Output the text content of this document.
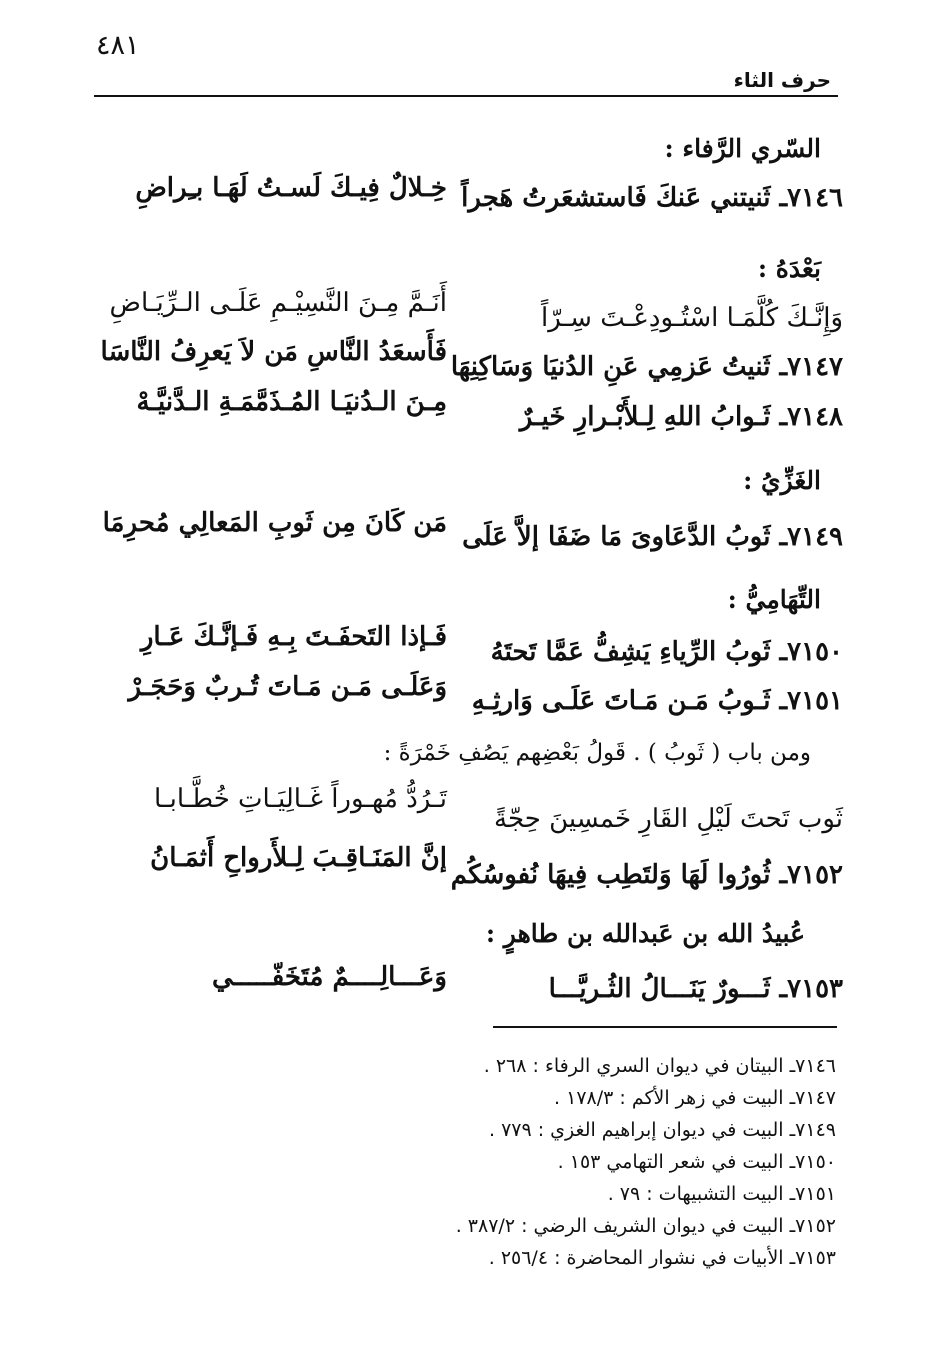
٤٨١
حرف الثاء
السّري الرَّفاء :
٧١٤٦ـ ثَنيتني عَنكَ فَاستشعَرتُ هَجراً
خِـلالٌ فِيـكَ لَسـتُ لَهَـا بـِراضِ
بَعْدَهُ :
وَإِنَّـكَ كُلَّمَـا اسْتُـودِعْـتَ سِـرّاً
أَنَـمَّ مِـنَ النَّسِيْـمِ عَلَـى الـرِّيَـاضِ
٧١٤٧ـ ثَنيتُ عَزمِي عَنِ الدُنيَا وَسَاكِنِهَا
فَأَسعَدُ النَّاسِ مَن لاَ يَعرِفُ النَّاسَا
٧١٤٨ـ ثَـوابُ اللهِ لِـلأَبْـرارِ خَيـرٌ
مِـنَ الـدُنيَـا المُـذَمَّمَـةِ الـدَّنيَّـهْ
الغَزِّيُ :
٧١٤٩ـ ثَوبُ الدَّعَاوىَ مَا ضَفَا إلاَّ عَلَى
مَن كَانَ مِن ثَوبِ المَعالِي مُحرِمَا
التِّهَامِيُّ :
٧١٥٠ـ ثَوبُ الرِّياءِ يَشِفُّ عَمَّا تَحتَهُ
فَـإذا التَحفَـتَ بِـهِ فَـإنَّـكَ عَـارِ
٧١٥١ـ ثَـوبُ مَـن مَـاتَ عَلَـى وَارثِـهِ
وَعَلَـى مَـن مَـاتَ تُـربٌ وَحَجَـرْ
ومن باب ( ثَوبُ ) . قَولُ بَعْضِهم يَصُفِ خَمْرَةً :
ثَوب تَحتَ لَيْلِ القَارِ خَمسِينَ حِجّةً
تَـرُدُّ مُهـوراً غَـالِيَـاتِ خُطَّـابـا
٧١٥٢ـ ثُورُوا لَهَا وَلتَطِب فِيهَا نُفوسُكُم
إنَّ المَنَـاقِـبَ لِـلأَرواحِ أَثمَـانُ
عُبيدُ الله بن عَبدالله بن طاهرٍ :
٧١٥٣ـ ثَـــورٌ يَنَـــالُ الثُـريَّـــا
وَعَـــالِــــمٌ مُتَخَفّـــــي
٧١٤٦ـ البيتان في ديوان السري الرفاء : ٢٦٨ .
٧١٤٧ـ البيت في زهر الأكم : ١٧٨/٣ .
٧١٤٩ـ البيت في ديوان إبراهيم الغزي : ٧٧٩ .
٧١٥٠ـ البيت في شعر التهامي ١٥٣ .
٧١٥١ـ البيت التشبيهات : ٧٩ .
٧١٥٢ـ البيت في ديوان الشريف الرضي : ٣٨٧/٢ .
٧١٥٣ـ الأبيات في نشوار المحاضرة : ٢٥٦/٤ .
